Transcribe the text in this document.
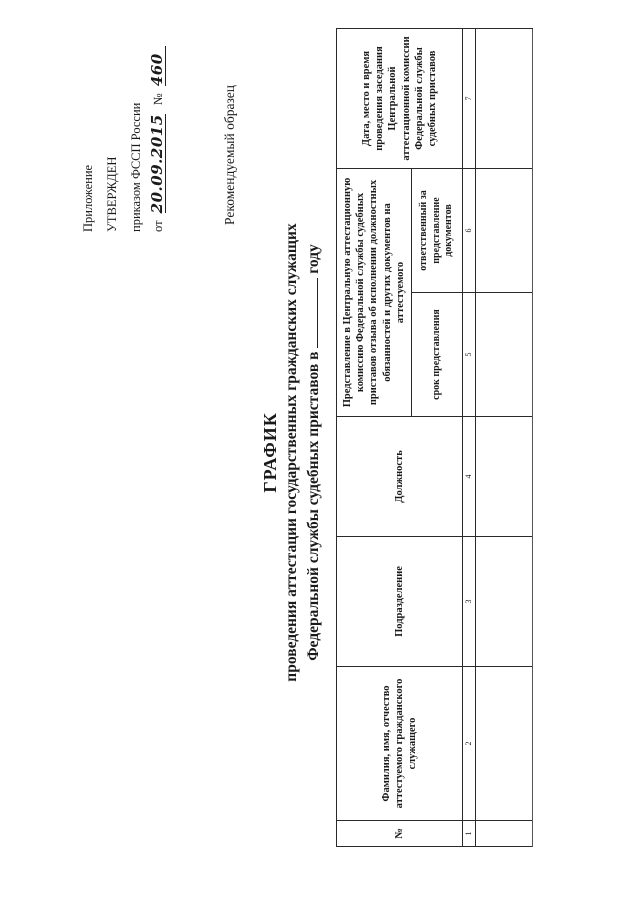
Приложение УТВЕРЖДЕН приказом ФССП России от 20.09.2015 № 460
Рекомендуемый образец
ГРАФИК проведения аттестации государственных гражданских служащих Федеральной службы судебных приставов в  году
№	Фамилия, имя, отчество аттестуемого гражданского служащего	Подразделение	Должность	Представление в Центральную аттестационную комиссию Федеральной службы судебных приставов отзыва об исполнении должностных обязанностей и других документов на аттестуемого		Дата, место и время проведения заседания Центральной аттестационной комиссии Федеральной службы судебных приставов
				срок представления	ответственный за представление документов	
1	2	3	4	5	6	7
